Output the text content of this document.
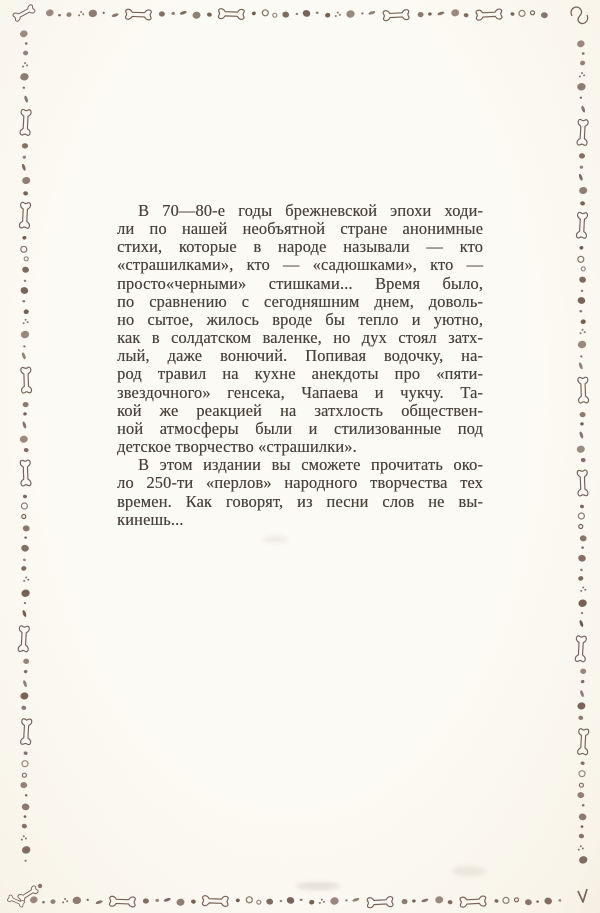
В 70—80-е годы брежневской эпохи ходи-
ли по нашей необъятной стране анонимные
стихи, которые в народе называли — кто
«страшилками», кто — «садюшками», кто —
просто«черными» стишками... Время было,
по сравнению с сегодняшним днем, доволь-
но сытое, жилось вроде бы тепло и уютно,
как в солдатском валенке, но дух стоял затх-
лый, даже вонючий. Попивая водочку, на-
род травил на кухне анекдоты про «пяти-
звездочного» генсека, Чапаева и чукчу. Та-
кой же реакцией на затхлость обществен-
ной атмосферы были и стилизованные под
детское творчество «страшилки».
В этом издании вы сможете прочитать око-
ло 250-ти «перлов» народного творчества тех
времен. Как говорят, из песни слов не вы-
кинешь...
